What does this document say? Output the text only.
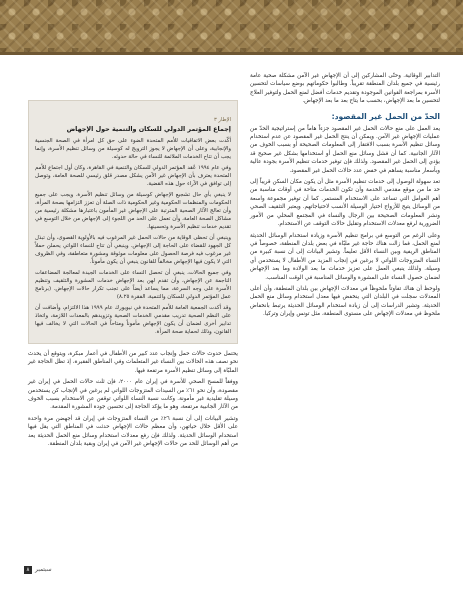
التدابير الوقائية. وحتّى المشاركين إلى أن الإجهاض غير الآمن مشكلة صحية عامة رئيسية في جميع بلدان المنطقة تقريباً. وطالبوا حكوماتهم بوضع سياسات لتحسين الأسرة بمراجعة القوانين الموجودة وتقديم خدمات أفضل لمنع الحمل ولتوفير العلاج لتحسين ما بعد الإجهاض، بحسب ما يتاح بعد ما بعد الإجهاض.

الحدّ من الحمل غير المقصود:

يعد العمل على منع حالات الحمل غير المقصود جزءاً هاماً من إستراتيجية الحدّ من عمليات الإجهاض غير الآمن. ويمكن أن ينتج الحمل غير المقصود عن عدم استخدام وسائل تنظيم الأسرة بسبب الافتقار إلى المعلومات الصحيحة أو بسبب الخوف من الآثار الجانبية. كما أن فشل وسائل منع الحمل أو استخدامها بشكل غير صحيح قد يؤدي إلى الحمل غير المقصود. ولذلك فإن توفير خدمات تنظيم الأسرة بجودة عالية وبأسعار مناسبة يساهم في خفض عدد حالات الحمل غير المقصود.

تعد سهولة الوصول إلى خدمات تنظيم الأسرة مثل أن يكون مكان السكن قريباً إلى حد ما من موقع مقدمي الخدمة وأن تكون الخدمات متاحة في أوقات مناسبة من أهم العوامل التي تساعد على الاستخدام المستمر. كما أن توفير مجموعة واسعة من الوسائل يتيح للأزواج اختيار الوسيلة الأنسب لاحتياجاتهم. ويعتبر التثقيف الصحي ونشر المعلومات الصحيحة بين الرجال والنساء في المجتمع المحلي من الأمور الضرورية لرفع معدلات الاستخدام وتقليل حالات التوقف عن الاستخدام.

وعلى الرغم من التوسع في برامج تنظيم الأسرة وزيادة استخدام الوسائل الحديثة لمنع الحمل، فما زالت هناك حاجة غير ملبّاة في بعض بلدان المنطقة، خصوصاً في المناطق الريفية وبين النساء الأقل تعليماً. وتشير البيانات إلى أن نسبة كبيرة من النساء المتزوجات اللواتي لا يرغبن في إنجاب المزيد من الأطفال لا يستخدمن أي وسيلة. ولذلك ينبغي العمل على تعزيز خدمات ما بعد الولادة وما بعد الإجهاض لضمان حصول النساء على المشورة والوسائل المناسبة في الوقت المناسب.

ولوحظ أن هناك تفاوتاً ملحوظاً في معدلات الإجهاض بين بلدان المنطقة، وأن أعلى المعدلات سجلت في البلدان التي ينخفض فيها معدل استخدام وسائل منع الحمل الحديثة. وتشير الدراسات إلى أن زيادة استخدام الوسائل الحديثة يرتبط بانخفاض ملحوظ في معدلات الإجهاض على مستوى المنطقة، مثل تونس وإيران وتركيا.

الإطار ٣
إجماع المؤتمر الدولي للسكان والتنمية حول الإجهاض

أكّدت بعض الاتفاقيات للأمم المتحدة الضوء على حق كل امرأة في الصحة الجنسية والإنجابية، وعلى أن الإجهاض لا يجوز الترويج له كوسيلة من وسائل تنظيم الأسرة، وإنما يجب أن تتاح الخدمات الملائمة للنساء في حالة حدوثه.

وفي عام ١٩٩٤ عُقد المؤتمر الدولي للسكان والتنمية في القاهرة، وكان أول اجتماع للأمم المتحدة يعترف بأن الإجهاض غير الآمن يشكل مصدر قلق رئيسي للصحة العامة، وتوصل إلى توافق في الآراء حول هذه القضية.

لا ينبغي بأي حال تشجيع الإجهاض كوسيلة من وسائل تنظيم الأسرة. ويجب على جميع الحكومات والمنظمات الحكومية وغير الحكومية ذات الصلة أن تعزز التزامها بصحة المرأة، وأن تعالج الآثار الصحية المترتبة على الإجهاض غير المأمون باعتبارها مشكلة رئيسية من مشاكل الصحة العامة، وأن تعمل على الحد من اللجوء إلى الإجهاض من خلال التوسع في تقديم خدمات تنظيم الأسرة وتحسينها.

وينبغي أن تحظى الوقاية من حالات الحمل غير المرغوب فيه بالأولوية القصوى، وأن تبذل كل الجهود للقضاء على الحاجة إلى الإجهاض. وينبغي أن تتاح للنساء اللواتي يحملن حملاً غير مرغوب فيه فرصة الحصول على معلومات موثوقة ومشورة متعاطفة، وفي الظروف التي لا يكون فيها الإجهاض مخالفاً للقانون ينبغي أن يكون مأموناً.

وفي جميع الحالات، ينبغي أن تحصل النساء على الخدمات الجيدة لمعالجة المضاعفات الناجمة عن الإجهاض، وأن تقدم لهن بعد الإجهاض خدمات المشورة والتثقيف وتنظيم الأسرة على وجه السرعة، مما يساعد أيضاً على تجنب تكرار حالات الإجهاض. (برنامج عمل المؤتمر الدولي للسكان والتنمية، الفقرة ٨.٢٥)

وقد أكدت الجمعية العامة للأمم المتحدة في نيويورك عام ١٩٩٩ هذا الالتزام، وأضافت أن على النظم الصحية تدريب مقدمي الخدمات الصحية وتزويدهم بالمعدات اللازمة، واتخاذ تدابير أخرى لضمان أن يكون الإجهاض مأموناً ومتاحاً في الحالات التي لا يخالف فيها القانون، وذلك لحماية صحة المرأة.

يحتمل حدوث حالات حمل وإنجاب عدد كبير من الأطفال في أعمار مبكرة، ويتوقع أن يحدث نحو نصف هذه الحالات بين النساء غير المتعلمات وفي المناطق الفقيرة، إذ تظل الحاجة غير الملبّاة إلى وسائل تنظيم الأسرة مرتفعة فيها.

ووفقاً للمسح الصحي للأسرة في إيران عام ٢٠٠٠، فإن ثلث حالات الحمل في إيران غير مقصودة، وأن نحو ٦١٪ من السيدات المتزوجات اللواتي لم يرغبن في الإنجاب كن يستخدمن وسيلة تقليدية غير مأمونة. وكانت نسبة النساء اللواتي توقفن عن الاستخدام بسبب الخوف من الآثار الجانبية مرتفعة، وهو ما يؤكد الحاجة إلى تحسين جودة المشورة المقدمة.

وتشير البيانات إلى أن نسبة ٢٦٪ من النساء المتزوجات في إيران قد أجهضن مرة واحدة على الأقل خلال حياتهن، وأن معظم حالات الإجهاض حدثت في المناطق التي يقل فيها استخدام الوسائل الحديثة. ولذلك فإن رفع معدلات استخدام وسائل منع الحمل الحديثة يعد من أهم الوسائل للحد من حالات الإجهاض غير الآمن في إيران وبقية بلدان المنطقة.

سبتمبر
٨
